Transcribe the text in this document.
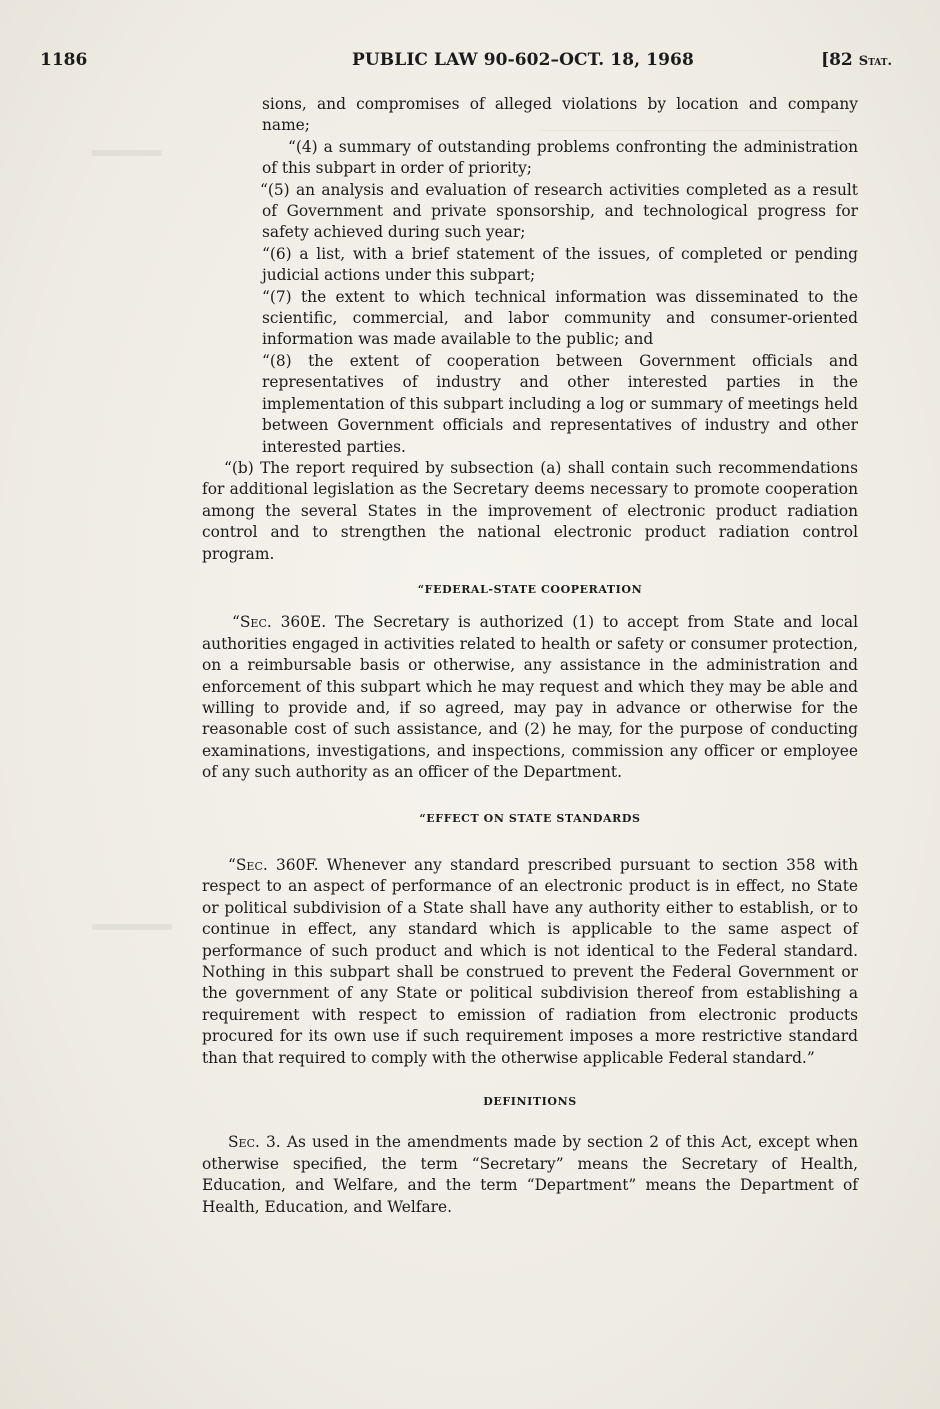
1186	PUBLIC LAW 90-602–OCT. 18, 1968	[82 Stat.

sions, and compromises of alleged violations by location and company name;

“(4) a summary of outstanding problems confronting the administration of this subpart in order of priority;

“(5) an analysis and evaluation of research activities completed as a result of Government and private sponsorship, and technological progress for safety achieved during such year;

“(6) a list, with a brief statement of the issues, of completed or pending judicial actions under this subpart;

“(7) the extent to which technical information was disseminated to the scientific, commercial, and labor community and consumer-oriented information was made available to the public; and

“(8) the extent of cooperation between Government officials and representatives of industry and other interested parties in the implementation of this subpart including a log or summary of meetings held between Government officials and representatives of industry and other interested parties.

“(b) The report required by subsection (a) shall contain such recommendations for additional legislation as the Secretary deems necessary to promote cooperation among the several States in the improvement of electronic product radiation control and to strengthen the national electronic product radiation control program.

“FEDERAL-STATE COOPERATION

“Sec. 360E. The Secretary is authorized (1) to accept from State and local authorities engaged in activities related to health or safety or consumer protection, on a reimbursable basis or otherwise, any assistance in the administration and enforcement of this subpart which he may request and which they may be able and willing to provide and, if so agreed, may pay in advance or otherwise for the reasonable cost of such assistance, and (2) he may, for the purpose of conducting examinations, investigations, and inspections, commission any officer or employee of any such authority as an officer of the Department.

“EFFECT ON STATE STANDARDS

“Sec. 360F. Whenever any standard prescribed pursuant to section 358 with respect to an aspect of performance of an electronic product is in effect, no State or political subdivision of a State shall have any authority either to establish, or to continue in effect, any standard which is applicable to the same aspect of performance of such product and which is not identical to the Federal standard. Nothing in this subpart shall be construed to prevent the Federal Government or the government of any State or political subdivision thereof from establishing a requirement with respect to emission of radiation from electronic products procured for its own use if such requirement imposes a more restrictive standard than that required to comply with the otherwise applicable Federal standard.”

DEFINITIONS

Sec. 3. As used in the amendments made by section 2 of this Act, except when otherwise specified, the term “Secretary” means the Secretary of Health, Education, and Welfare, and the term “Department” means the Department of Health, Education, and Welfare.
